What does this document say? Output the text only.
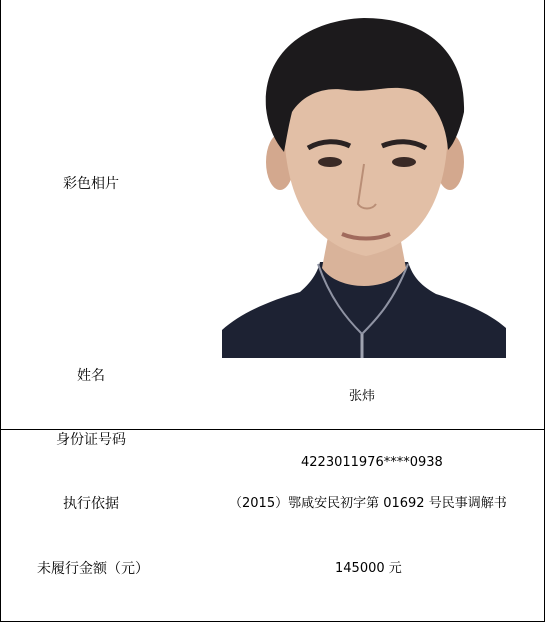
彩色相片
姓名
张炜
身份证号码
4223011976****0938
执行依据	（2015）鄂咸安民初字第 01692 号民事调解书
未履行金额（元）	145000 元
